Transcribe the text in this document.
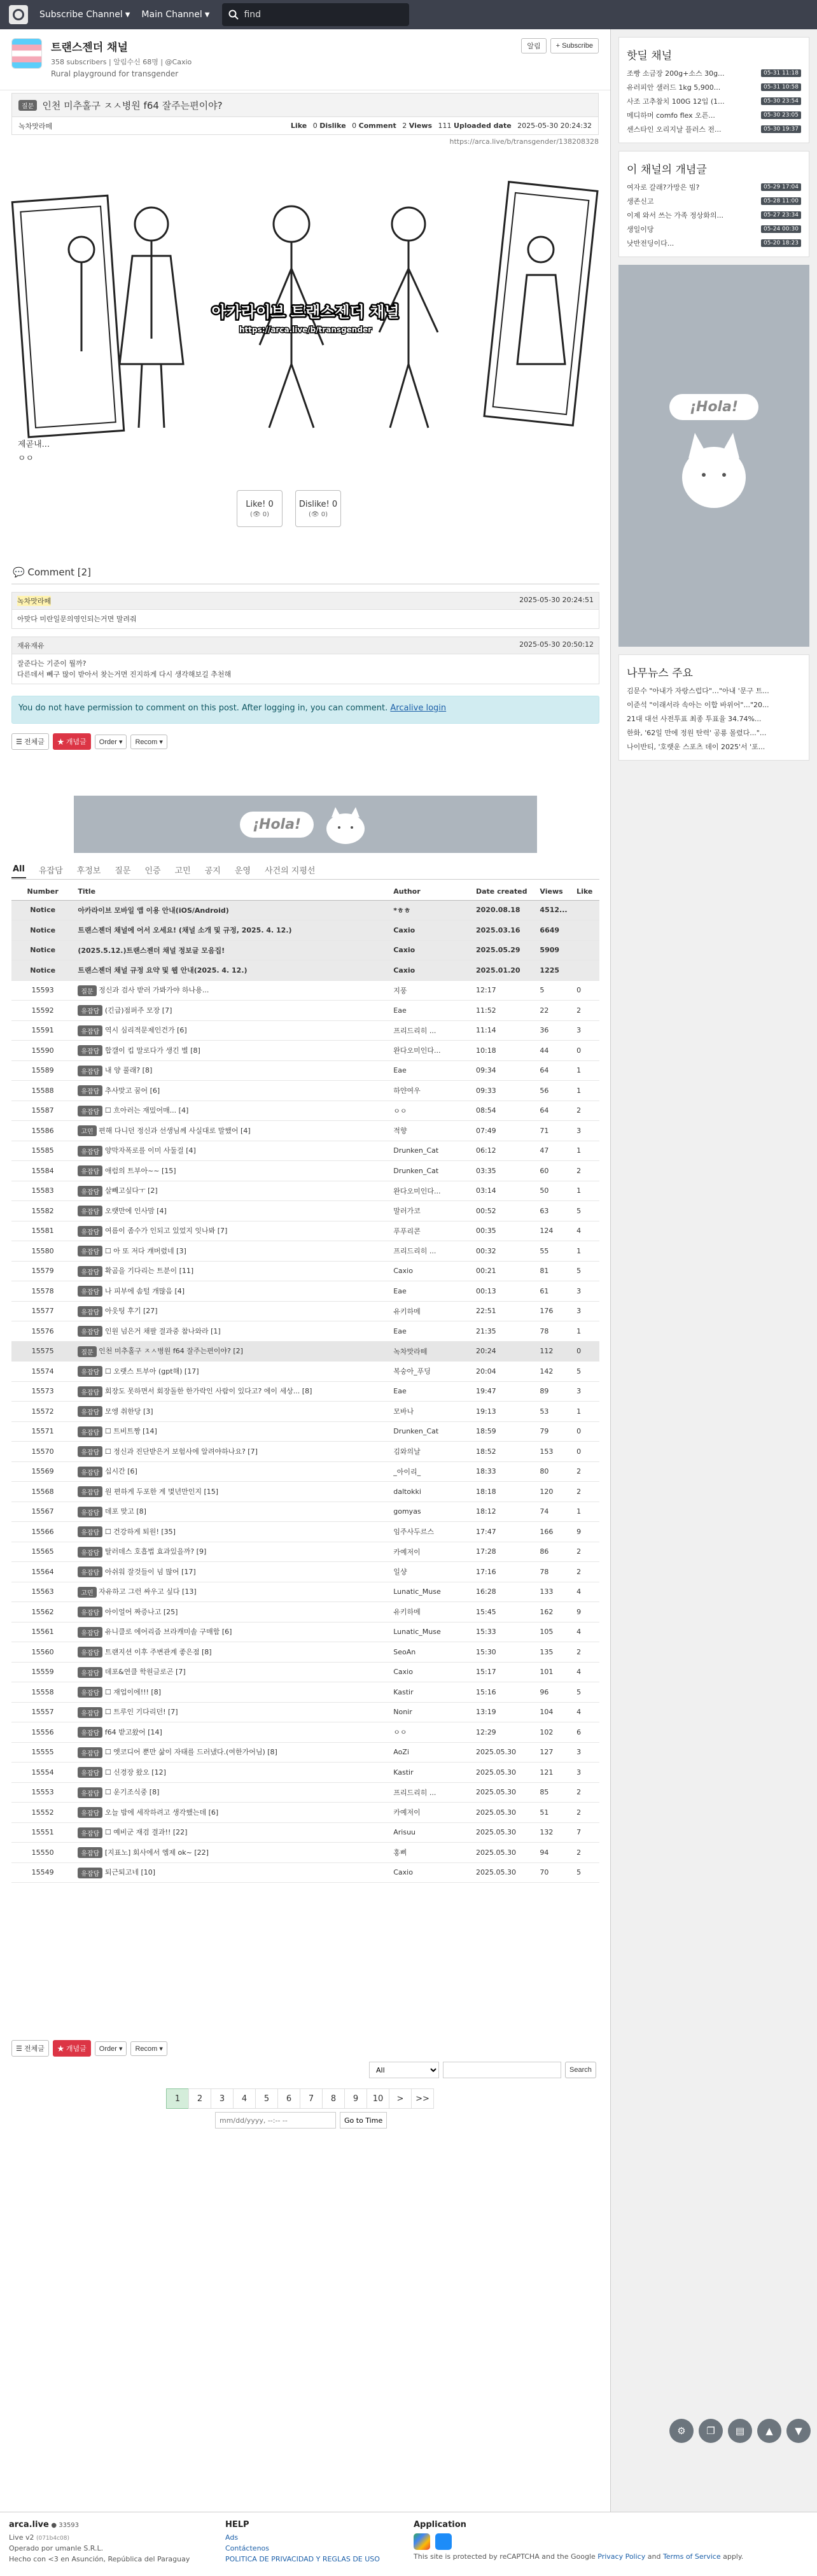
Subscribe Channel ▼ Main Channel ▼
find
트랜스젠더 채널
358 subscribers | 알림수신 68명 | @Caxio
Rural playground for transgender
알림	+ Subscribe
질문 인천 미추홀구 ㅈㅅ병원 f64 잘주는편이야?
녹차맛라떼	Like 0 Dislike 0 Comment 2 Views 111 Uploaded date 2025-05-30 20:24:32
https://arca.live/b/transgender/138208328
아카라이브 트랜스젠더 채널
https://arca.live/b/transgender
제곧내...
ㅇㅇ
Like! 0
(👁 0)
Dislike! 0
(👁 0)
💬 Comment [2]
녹차맛라떼	2025-05-30 20:24:51
아맞다 미란일문의영인되는거면 말려줘
재유재유	2025-05-30 20:50:12
잘준다는 기준이 뭘까?
다른데서 뻬구 많이 받아서 찾는거면 진지하게 다시 생각해보길 추천해
You do not have permission to comment on this post. After logging in, you can comment. Arcalive login
☰ 전체글	★ 개념글	Order ▾	Recom ▾
¡Hola!
All 유잡담 후정보 질문 인증 고민 공지 운영 사건의 지평선
Number	Title	Author	Date created	Views	Like
Notice	아카라이브 모바일 앱 이용 안내(iOS/Android)	*ㅎㅎ	2020.08.18	4512...	
Notice	트랜스젠더 채널에 어서 오세요! (채널 소개 및 규정, 2025. 4. 12.)	Caxio	2025.03.16	6649	
Notice	(2025.5.12.)트랜스젠더 채널 정보글 모음집!	Caxio	2025.05.29	5909	
Notice	트랜스젠더 채널 규정 요약 및 웹 안내(2025. 4. 12.)	Caxio	2025.01.20	1225	
15593	질문 정신과 검사 받러 가봐가야 하나용...	지풍	12:17	5	0
15592	유잡담 (긴급)점퍼주 모장 [7]	Eae	11:52	22	2
15591	유잡담 역시 심리적문제인건가 [6]	프리드리히 ...	11:14	36	3
15590	유잡담 합갤이 킵 말로다가 생긴 별 [8]	완다오미인다...	10:18	44	0
15589	유잡담 내 양 풀래? [8]	Eae	09:34	64	1
15588	유잡담 추사맞고 꿈어 [6]	하얀여우	09:33	56	1
15587	유잡담 ☐ 흐아러는 재밌어매... [4]	ㅇㅇ	08:54	64	2
15586	고민 편해 다니던 정신과 선생님께 사실대로 말했어 [4]	적향	07:49	71	3
15585	유잡담 양막자폭로를 이미 사둘걸 [4]	Drunken_Cat	06:12	47	1
15584	유잡담 애럼의 트부아~~ [15]	Drunken_Cat	03:35	60	2
15583	유잡담 살빼고싶다ㅜ [2]	완다오미인다...	03:14	50	1
15582	유잡담 오랫만에 인사맘 [4]	말러가코	00:52	63	5
15581	유잡담 여름이 좀수가 인되고 있었지 잇나봐 [7]	푸푸리콘	00:35	124	4
15580	유잡담 ☐ 아 또 저다 걔버렸네 [3]	프리드리히 ...	00:32	55	1
15579	유잡담 확곰을 기다리는 트분이 [11]	Caxio	00:21	81	5
15578	유잡담 나 피부에 솜털 개많음 [4]	Eae	00:13	61	3
15577	유잡담 아웃팅 후기 [27]	유키하메	22:51	176	3
15576	유잡담 인원 넘은거 채팔 결과중 참나와라 [1]	Eae	21:35	78	1
15575	질문 인천 미추홀구 ㅈㅅ병원 f64 잘주는편이야? [2]	녹차맛라떼	20:24	112	0
15574	유잡담 ☐ 오랫스 트부아 (gpt해) [17]	복숭아_푸딩	20:04	142	5
15573	유잡담 회장도 못하면서 회장돌한 한가락인 사람이 있다고? 에이 세상... [8]	Eae	19:47	89	3
15572	유잡담 모엥 취한당 [3]	모바나	19:13	53	1
15571	유잡담 ☐ 트비트짱 [14]	Drunken_Cat	18:59	79	0
15570	유잡담 ☐ 정신과 진단받은거 보험사에 알려야하나요? [7]	김와의날	18:52	153	0
15569	유잡담 십시간 [6]	_아이리_	18:33	80	2
15568	유잡담 원 편하게 두포한 게 몇년만인지 [15]	daltokki	18:18	120	2
15567	유잡담 데포 맞고 [8]	gomyas	18:12	74	1
15566	유잡담 ☐ 건강하게 퇴원! [35]	임주사두르스	17:47	166	9
15565	유잡담 탈러데스 호흡법 효과있을까? [9]	카예저이	17:28	86	2
15564	유잡담 아쉬워 잘것들이 넘 많어 [17]	일샹	17:16	78	2
15563	고민 자유하고 그런 싸우고 싶다 [13]	Lunatic_Muse	16:28	133	4
15562	유잡담 아이얼어 짜증나고 [25]	유키하메	15:45	162	9
15561	유잡담 유니클로 에어리즘 브라캐미솔 구매함 [6]	Lunatic_Muse	15:33	105	4
15560	유잡담 트랜지션 이후 주변관계 좋은점 [8]	SeoAn	15:30	135	2
15559	유잡담 데포&연클 학원글로곤 [7]	Caxio	15:17	101	4
15558	유잡담 ☐ 재업이에!!! [8]	Kastir	15:16	96	5
15557	유잡담 ☐ 트루인 기다리던! [7]	Nonir	13:19	104	4
15556	유잡담 f64 받고왔어 [14]	ㅇㅇ	12:29	102	6
15555	유잡담 ☐ 엣코디어 뿐만 삶이 자태를 드러냈다.(여한가어님) [8]	AoZi	2025.05.30	127	3
15554	유잡담 ☐ 신경장 왔오 [12]	Kastir	2025.05.30	121	3
15553	유잡담 ☐ 운기조식중 [8]	프리드리히 ...	2025.05.30	85	2
15552	유잡담 오늘 밤에 세작하려고 생각했는데 [6]	카예저이	2025.05.30	51	2
15551	유잡담 ☐ 예비군 재검 결과!! [22]	Arisuu	2025.05.30	132	7
15550	유잡담 [지표노] 회사에서 엠제 ok~ [22]	홍삐	2025.05.30	94	2
15549	유잡담 퇴근퇴고네 [10]	Caxio	2025.05.30	70	5
☰ 전체글	★ 개념글	Order ▾	Recom ▾
All
Search
1	2	3	4	5	6	7	8	9	10	>	>>
mm/dd/yyyy, --:-- --
Go to Time
⚙	❐	▤	▲	▼
핫딜 채널
조빵 소금장 200g+소스 30g...	05-31 11:18
유러피안 샐러드 1kg 5,900...	05-31 10:58
사조 고추참치 100G 12입 (1...	05-30 23:54
메디하머 comfo flex 오픈...	05-30 23:05
센스타인 오리지날 플러스 전...	05-30 19:37
이 채널의 개념글
여자로 갈래?가망은 빔?	05-29 17:04
생존신고	05-28 11:00
이제 와서 쓰는 가족 정상화의...	05-27 23:34
생일이당	05-24 00:30
낫반전딩이다...	05-20 18:23
¡Hola!
나무뉴스 주요
김문수 "아내가 자랑스럽다"…"아내 '문구 트...
이준석 "이래서라 속아는 이합 바위어"..."20...
21대 대선 사전투표 최종 투표율 34.74%...
한화, '62일 만에 정원 탄력' 공룡 몰렸다..."...
나이반티, '호랫운 스포츠 데이 2025'서 '포...
arca.live ● 33593
Live v2 (071b4c08)
Operado por umanle S.R.L.
Hecho con <3 en Asunción, República del Paraguay
HELP
Ads
Contáctenos
POLITICA DE PRIVACIDAD Y REGLAS DE USO
Application

This site is protected by reCAPTCHA and the Google Privacy Policy and Terms of Service apply.
